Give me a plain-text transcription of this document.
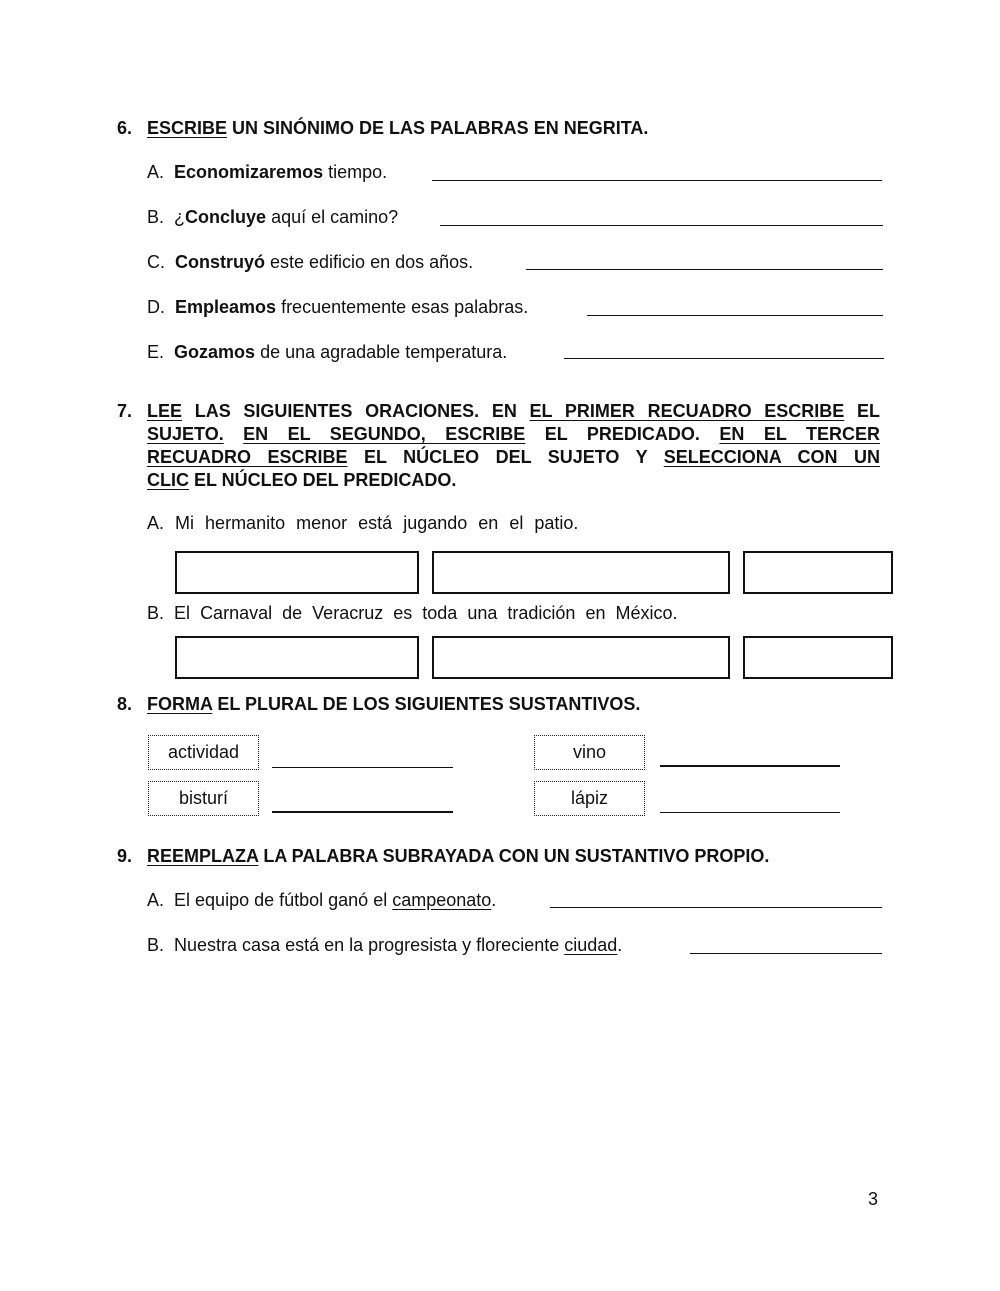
6. ESCRIBE UN SINÓNIMO DE LAS PALABRAS EN NEGRITA.
A. Economizaremos tiempo.
B. ¿Concluye aquí el camino?
C. Construyó este edificio en dos años.
D. Empleamos frecuentemente esas palabras.
E. Gozamos de una agradable temperatura.
7. LEE LAS SIGUIENTES ORACIONES. EN EL PRIMER RECUADRO ESCRIBE EL
SUJETO. EN EL SEGUNDO, ESCRIBE EL PREDICADO. EN EL TERCER
RECUADRO ESCRIBE EL NÚCLEO DEL SUJETO Y SELECCIONA CON UN
CLIC EL NÚCLEO DEL PREDICADO.
A. Mi hermanito menor está jugando en el patio.
B. El Carnaval de Veracruz es toda una tradición en México.
8. FORMA EL PLURAL DE LOS SIGUIENTES SUSTANTIVOS.
actividad	vino
bisturí	lápiz
9. REEMPLAZA LA PALABRA SUBRAYADA CON UN SUSTANTIVO PROPIO.
A. El equipo de fútbol ganó el campeonato.
B. Nuestra casa está en la progresista y floreciente ciudad.
3
